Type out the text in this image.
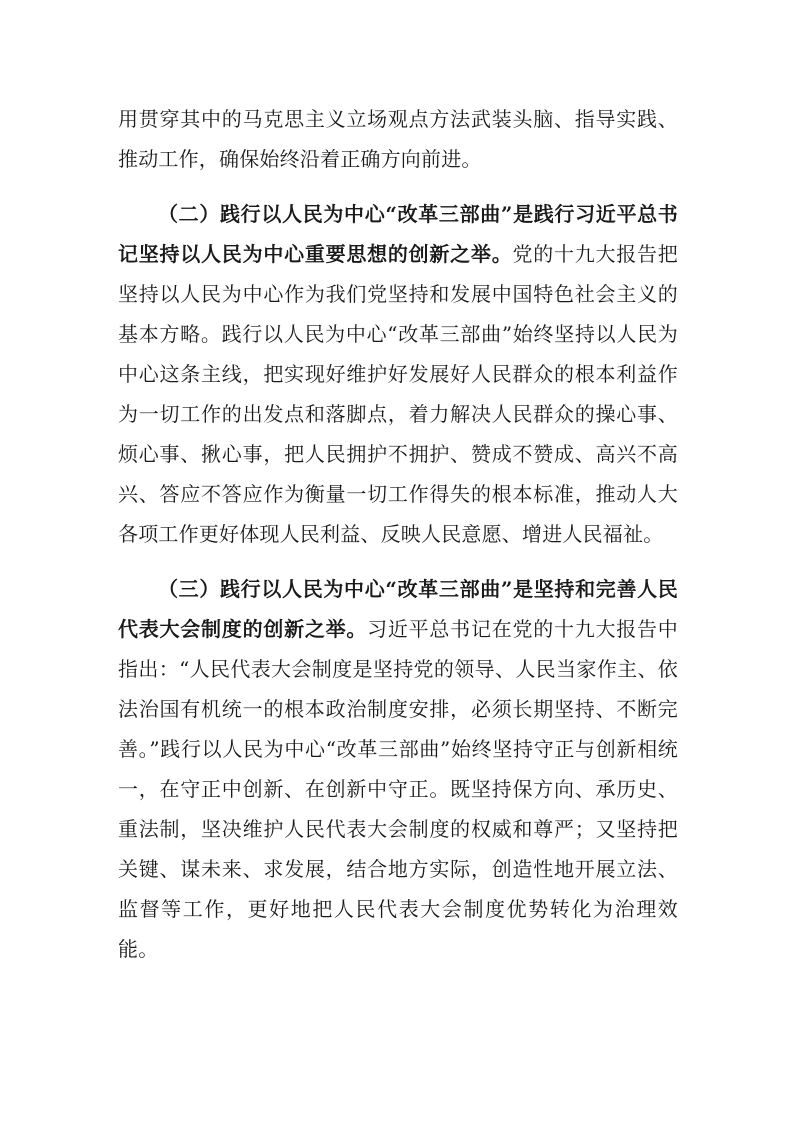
用贯穿其中的马克思主义立场观点方法武装头脑、指导实践、推动工作，确保始终沿着正确方向前进。

（二）践行以人民为中心“改革三部曲”是践行习近平总书记坚持以人民为中心重要思想的创新之举。党的十九大报告把坚持以人民为中心作为我们党坚持和发展中国特色社会主义的基本方略。践行以人民为中心“改革三部曲”始终坚持以人民为中心这条主线，把实现好维护好发展好人民群众的根本利益作为一切工作的出发点和落脚点，着力解决人民群众的操心事、烦心事、揪心事，把人民拥护不拥护、赞成不赞成、高兴不高兴、答应不答应作为衡量一切工作得失的根本标准，推动人大各项工作更好体现人民利益、反映人民意愿、增进人民福祉。

（三）践行以人民为中心“改革三部曲”是坚持和完善人民代表大会制度的创新之举。习近平总书记在党的十九大报告中指出：“人民代表大会制度是坚持党的领导、人民当家作主、依法治国有机统一的根本政治制度安排，必须长期坚持、不断完善。”践行以人民为中心“改革三部曲”始终坚持守正与创新相统一，在守正中创新、在创新中守正。既坚持保方向、承历史、重法制，坚决维护人民代表大会制度的权威和尊严；又坚持把关键、谋未来、求发展，结合地方实际，创造性地开展立法、监督等工作，更好地把人民代表大会制度优势转化为治理效能。
